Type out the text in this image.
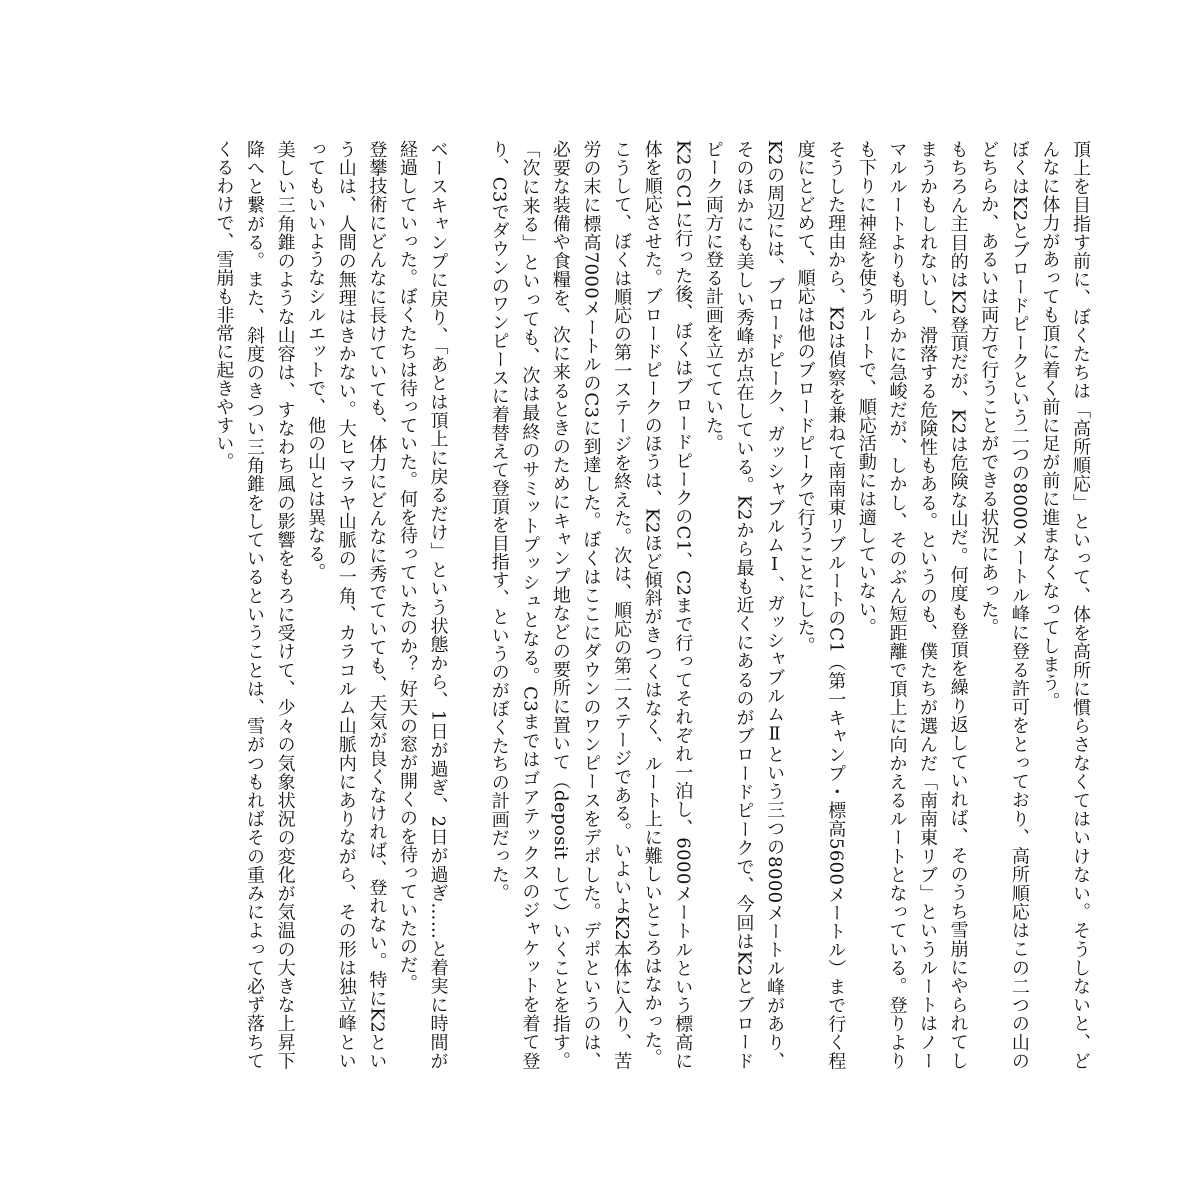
頂上を目指す前に、ぼくたちは「高所順応」といって、体を高所に慣らさなくてはいけない。そうしないと、どんなに体力があっても頂に着く前に足が前に進まなくなってしまう。

ぼくはK2とブロードピークという二つの8000メートル峰に登る許可をとっており、高所順応はこの二つの山のどちらか、あるいは両方で行うことができる状況にあった。

もちろん主目的はK2登頂だが、K2は危険な山だ。何度も登頂を繰り返していれば、そのうち雪崩にやられてしまうかもしれないし、滑落する危険性もある。というのも、僕たちが選んだ「南南東リブ」というルートはノーマルルートよりも明らかに急峻だが、しかし、そのぶん短距離で頂上に向かえるルートとなっている。登りよりも下りに神経を使うルートで、順応活動には適していない。

そうした理由から、K2は偵察を兼ねて南南東リブルートのC1（第一キャンプ・標高5600メートル）まで行く程度にとどめて、順応は他のブロードピークで行うことにした。

K2の周辺には、ブロードピーク、ガッシャブルムⅠ、ガッシャブルムⅡという三つの8000メートル峰があり、そのほかにも美しい秀峰が点在している。K2から最も近くにあるのがブロードピークで、今回はK2とブロードピーク両方に登る計画を立てていた。

K2のC1に行った後、ぼくはブロードピークのC1、C2まで行ってそれぞれ一泊し、6000メートルという標高に体を順応させた。ブロードピークのほうは、K2ほど傾斜がきつくはなく、ルート上に難しいところはなかった。

こうして、ぼくは順応の第一ステージを終えた。次は、順応の第二ステージである。いよいよK2本体に入り、苦労の末に標高7000メートルのC3に到達した。ぼくはここにダウンのワンピースをデポした。デポというのは、必要な装備や食糧を、次に来るときのためにキャンプ地などの要所に置いて（deposit して）いくことを指す。「次に来る」といっても、次は最終のサミットプッシュとなる。C3まではゴアテックスのジャケットを着て登り、C3でダウンのワンピースに着替えて登頂を目指す、というのがぼくたちの計画だった。

ベースキャンプに戻り、「あとは頂上に戻るだけ」という状態から、1日が過ぎ、2日が過ぎ……と着実に時間が経過していった。ぼくたちは待っていた。何を待っていたのか？ 好天の窓が開くのを待っていたのだ。

登攀技術にどんなに長けていても、体力にどんなに秀でていても、天気が良くなければ、登れない。特にK2という山は、人間の無理はきかない。大ヒマラヤ山脈の一角、カラコルム山脈内にありながら、その形は独立峰といってもいいようなシルエットで、他の山とは異なる。

美しい三角錐のような山容は、すなわち風の影響をもろに受けて、少々の気象状況の変化が気温の大きな上昇下降へと繋がる。また、斜度のきつい三角錐をしているということは、雪がつもればその重みによって必ず落ちてくるわけで、雪崩も非常に起きやすい。
